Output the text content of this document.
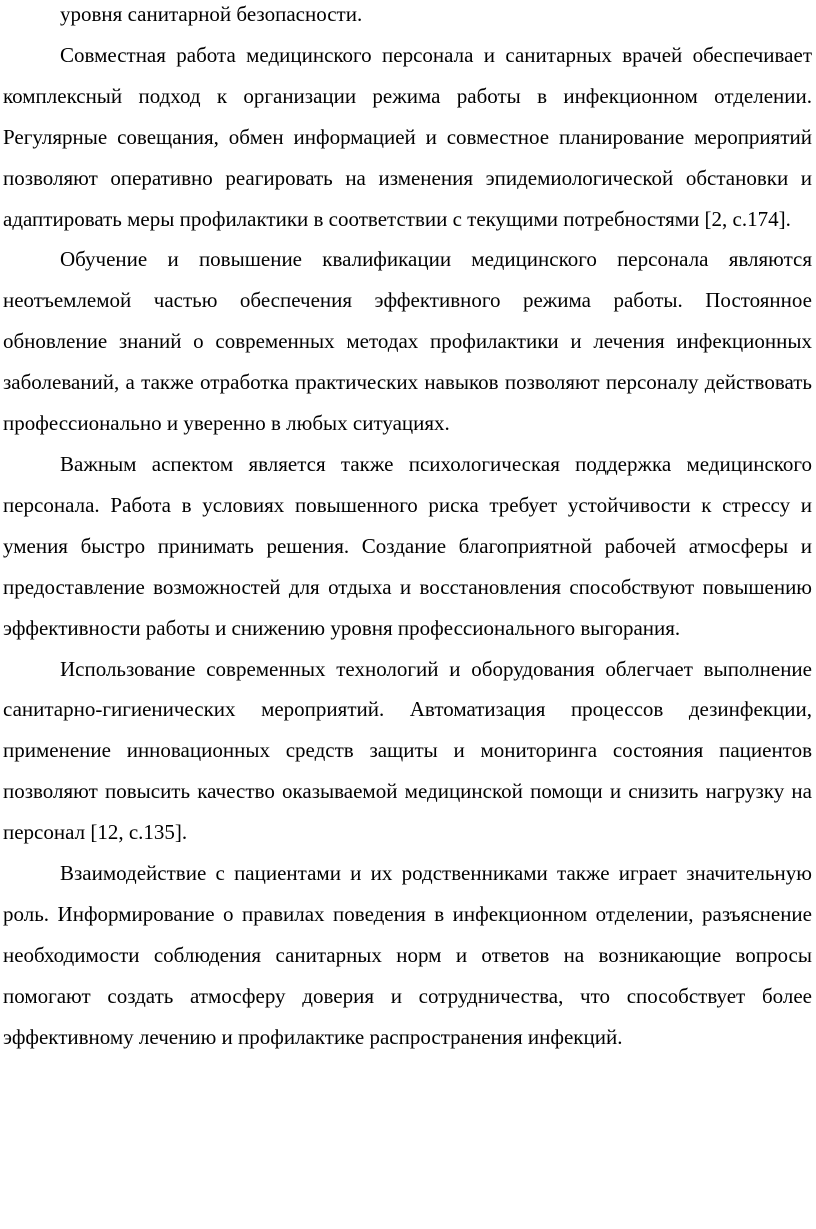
уровня санитарной безопасности.

Совместная работа медицинского персонала и санитарных врачей обеспечивает комплексный подход к организации режима работы в инфекционном отделении. Регулярные совещания, обмен информацией и совместное планирование мероприятий позволяют оперативно реагировать на изменения эпидемиологической обстановки и адаптировать меры профилактики в соответствии с текущими потребностями [2, с.174].

Обучение и повышение квалификации медицинского персонала являются неотъемлемой частью обеспечения эффективного режима работы. Постоянное обновление знаний о современных методах профилактики и лечения инфекционных заболеваний, а также отработка практических навыков позволяют персоналу действовать профессионально и уверенно в любых ситуациях.

Важным аспектом является также психологическая поддержка медицинского персонала. Работа в условиях повышенного риска требует устойчивости к стрессу и умения быстро принимать решения. Создание благоприятной рабочей атмосферы и предоставление возможностей для отдыха и восстановления способствуют повышению эффективности работы и снижению уровня профессионального выгорания.

Использование современных технологий и оборудования облегчает выполнение санитарно-гигиенических мероприятий. Автоматизация процессов дезинфекции, применение инновационных средств защиты и мониторинга состояния пациентов позволяют повысить качество оказываемой медицинской помощи и снизить нагрузку на персонал [12, с.135].

Взаимодействие с пациентами и их родственниками также играет значительную роль. Информирование о правилах поведения в инфекционном отделении, разъяснение необходимости соблюдения санитарных норм и ответов на возникающие вопросы помогают создать атмосферу доверия и сотрудничества, что способствует более эффективному лечению и профилактике распространения инфекций.
